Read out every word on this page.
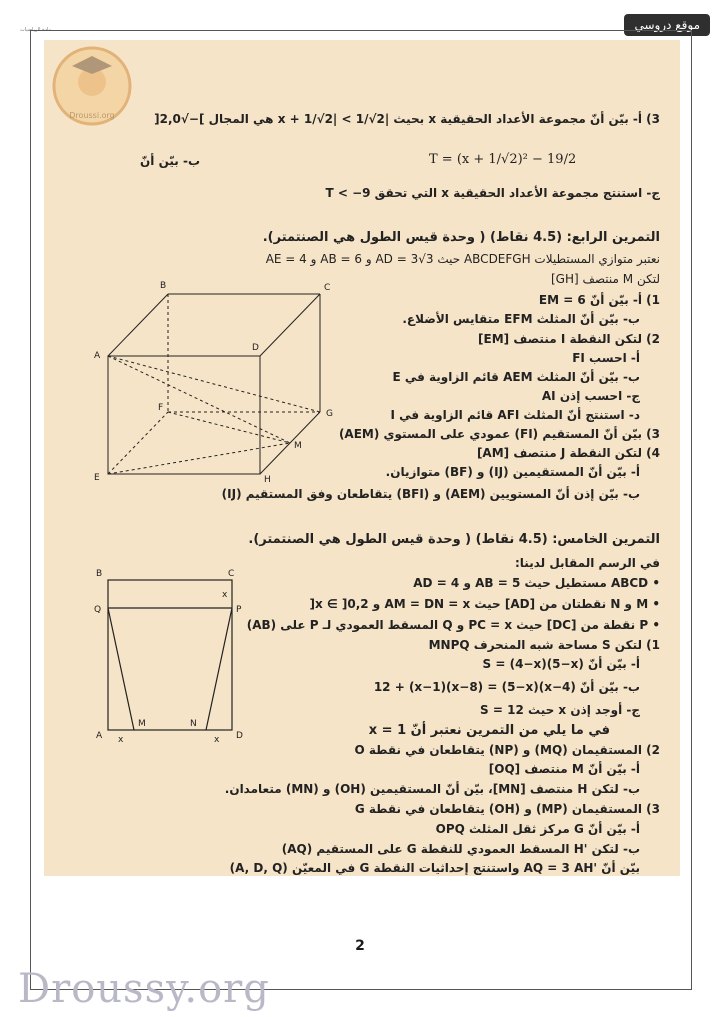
موقع دروسي
مادة الرياضيات
Droussi.org	3) أ- بيّن أنّ مجموعة الأعداد الحقيقية x بحيث |x + 1/√2| < 1/√2 هي المجال ]−√2,0[
ب- بيّن أنّ	T = (x + 1/√2)² − 19/2
ج- استنتج مجموعة الأعداد الحقيقية x التي تحقق T < −9
التمرين الرابع: (4.5 نقاط) ( وحدة قيس الطول هي الصنتمتر).
نعتبر متوازي المستطيلات ABCDEFGH حيث AD = 3√3 و AB = 6 و AE = 4
لتكن M منتصف [GH]
1) أ- بيّن أنّ EM = 6
ب- بيّن أنّ المثلث EFM متقايس الأضلاع.
2) لتكن النقطة I منتصف [EM]
أ- احسب FI
ب- بيّن أنّ المثلث AEM قائم الزاوية في E
ج- احسب إذن AI
د- استنتج أنّ المثلث AFI قائم الزاوية في I
3) بيّن أنّ المستقيم (FI) عمودي على المستوي (AEM)
4) لتكن النقطة J منتصف [AM]
أ- بيّن أنّ المستقيمين (IJ) و (BF) متوازيان.
ب- بيّن إذن أنّ المستويين (AEM) و (BFI) يتقاطعان وفق المستقيم (IJ)
A
B	C
D
E
F
G
H
M
التمرين الخامس: (4.5 نقاط) ( وحدة قيس الطول هي الصنتمتر).
في الرسم المقابل لدينا:
• ABCD مستطيل حيث AB = 5 و AD = 4
• M و N نقطتان من [AD] حيث AM = DN = x و x ∈ ]0,2[
• P نقطة من [DC] حيث PC = x و Q المسقط العمودي لـ P على (AB)
1) لتكن S مساحة شبه المنحرف MNPQ
أ- بيّن أنّ S = (4−x)(5−x)
ب- بيّن أنّ (4−x)(5−x) = 12 + (x−1)(x−8)
ج- أوجد إذن x حيث S = 12
في ما يلي من التمرين نعتبر أنّ x = 1
2) المستقيمان (MQ) و (NP) يتقاطعان في نقطة O
أ- بيّن أنّ M منتصف [OQ]
ب- لتكن H منتصف [MN]، بيّن أنّ المستقيمين (OH) و (MN) متعامدان.
3) المستقيمان (MP) و (OH) يتقاطعان في نقطة G
أ- بيّن أنّ G مركز ثقل المثلث OPQ
ب- لتكن 'H المسقط العمودي للنقطة G على المستقيم (AQ)
بيّن أنّ 'AQ = 3 AH واستنتج إحداثيات النقطة G في المعيّن (A, D, Q)
B	C
Q	P
A	D
M	N
x	x
x
2
Droussy.org
